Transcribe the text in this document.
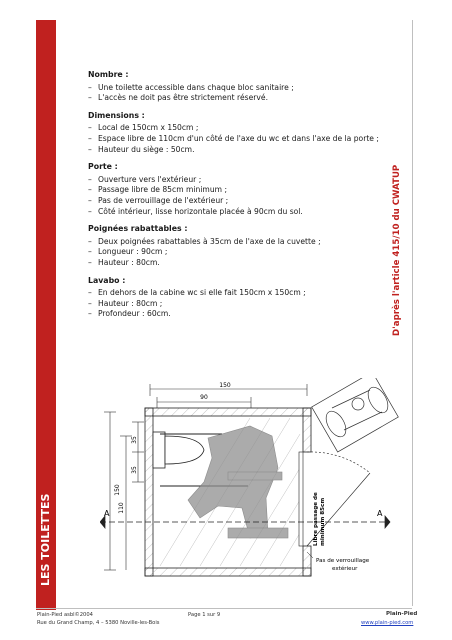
D'après l'article 415/10 du CWATUP
Nombre :
– Une toilette accessible dans chaque bloc sanitaire ;
– L'accès ne doit pas être strictement réservé.
Dimensions :
– Local de 150cm x 150cm ;
– Espace libre de 110cm d'un côté de l'axe du wc et dans l'axe de la porte ;
– Hauteur du siège : 50cm.
Porte :
– Ouverture vers l'extérieur ;
– Passage libre de 85cm minimum ;
– Pas de verrouillage de l'extérieur ;
– Côté intérieur, lisse horizontale placée à 90cm du sol.
Poignées rabattables :
– Deux poignées rabattables à 35cm de l'axe de la cuvette ;
– Longueur : 90cm ;
– Hauteur : 80cm.
Lavabo :
– En dehors de la cabine wc si elle fait 150cm x 150cm ;
– Hauteur : 80cm ;
– Profondeur : 60cm.
150
90
150
110
35
35
A	A
Libre passage de minimum 85cm
Pas de verrouillage
extérieur
Plain-Pied asbl©2004
Rue du Grand Champ, 4 – 5380 Noville-les-Bois
Page 1 sur 9	Plain-Pied
www.plain-pied.com
